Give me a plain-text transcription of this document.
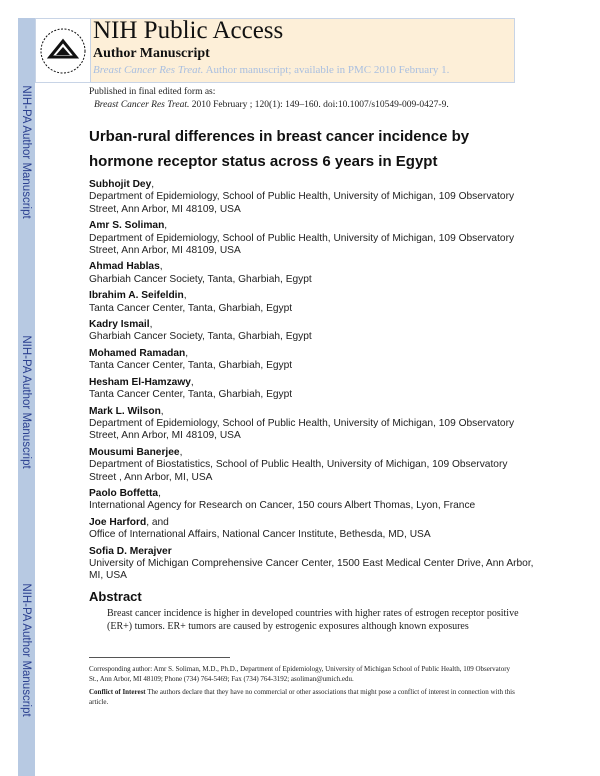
NIH-PA Author Manuscript
NIH-PA Author Manuscript
NIH-PA Author Manuscript
NIH Public Access
Author Manuscript
Breast Cancer Res Treat. Author manuscript; available in PMC 2010 February 1.
Published in final edited form as:
Breast Cancer Res Treat. 2010 February ; 120(1): 149–160. doi:10.1007/s10549-009-0427-9.
Urban-rural differences in breast cancer incidence by hormone receptor status across 6 years in Egypt
Subhojit Dey,
Department of Epidemiology, School of Public Health, University of Michigan, 109 Observatory Street, Ann Arbor, MI 48109, USA
Amr S. Soliman,
Department of Epidemiology, School of Public Health, University of Michigan, 109 Observatory Street, Ann Arbor, MI 48109, USA
Ahmad Hablas,
Gharbiah Cancer Society, Tanta, Gharbiah, Egypt
Ibrahim A. Seifeldin,
Tanta Cancer Center, Tanta, Gharbiah, Egypt
Kadry Ismail,
Gharbiah Cancer Society, Tanta, Gharbiah, Egypt
Mohamed Ramadan,
Tanta Cancer Center, Tanta, Gharbiah, Egypt
Hesham El-Hamzawy,
Tanta Cancer Center, Tanta, Gharbiah, Egypt
Mark L. Wilson,
Department of Epidemiology, School of Public Health, University of Michigan, 109 Observatory Street, Ann Arbor, MI 48109, USA
Mousumi Banerjee,
Department of Biostatistics, School of Public Health, University of Michigan, 109 Observatory Street , Ann Arbor, MI, USA
Paolo Boffetta,
International Agency for Research on Cancer, 150 cours Albert Thomas, Lyon, France
Joe Harford, and
Office of International Affairs, National Cancer Institute, Bethesda, MD, USA
Sofia D. Merajver
University of Michigan Comprehensive Cancer Center, 1500 East Medical Center Drive, Ann Arbor, MI, USA
Abstract
Breast cancer incidence is higher in developed countries with higher rates of estrogen receptor positive (ER+) tumors. ER+ tumors are caused by estrogenic exposures although known exposures
Corresponding author: Amr S. Soliman, M.D., Ph.D., Department of Epidemiology, University of Michigan School of Public Health, 109 Observatory St., Ann Arbor, MI 48109; Phone (734) 764-5469; Fax (734) 764-3192; asoliman@umich.edu.
Conflict of Interest The authors declare that they have no commercial or other associations that might pose a conflict of interest in connection with this article.
